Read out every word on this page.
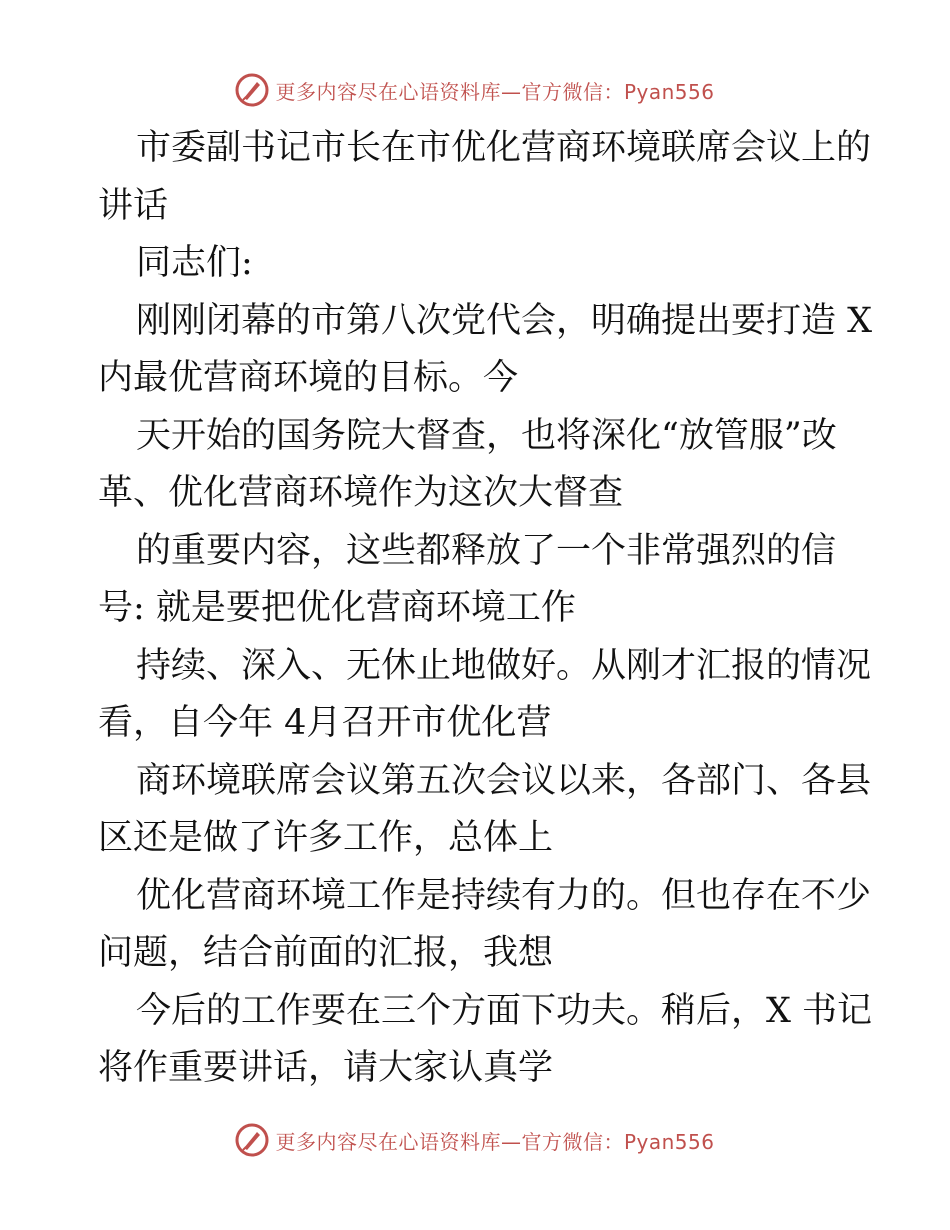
更多内容尽在心语资料库—官方微信：Pyan556
市委副书记市长在市优化营商环境联席会议上的
讲话
同志们:
刚刚闭幕的市第八次党代会，明确提出要打造 X
内最优营商环境的目标。今
天开始的国务院大督查，也将深化“放管服”改
革、优化营商环境作为这次大督查
的重要内容，这些都释放了一个非常强烈的信
号: 就是要把优化营商环境工作
持续、深入、无休止地做好。从刚才汇报的情况
看，自今年 4月召开市优化营
商环境联席会议第五次会议以来，各部门、各县
区还是做了许多工作，总体上
优化营商环境工作是持续有力的。但也存在不少
问题，结合前面的汇报，我想
今后的工作要在三个方面下功夫。稍后，X 书记
将作重要讲话，请大家认真学
更多内容尽在心语资料库—官方微信：Pyan556
